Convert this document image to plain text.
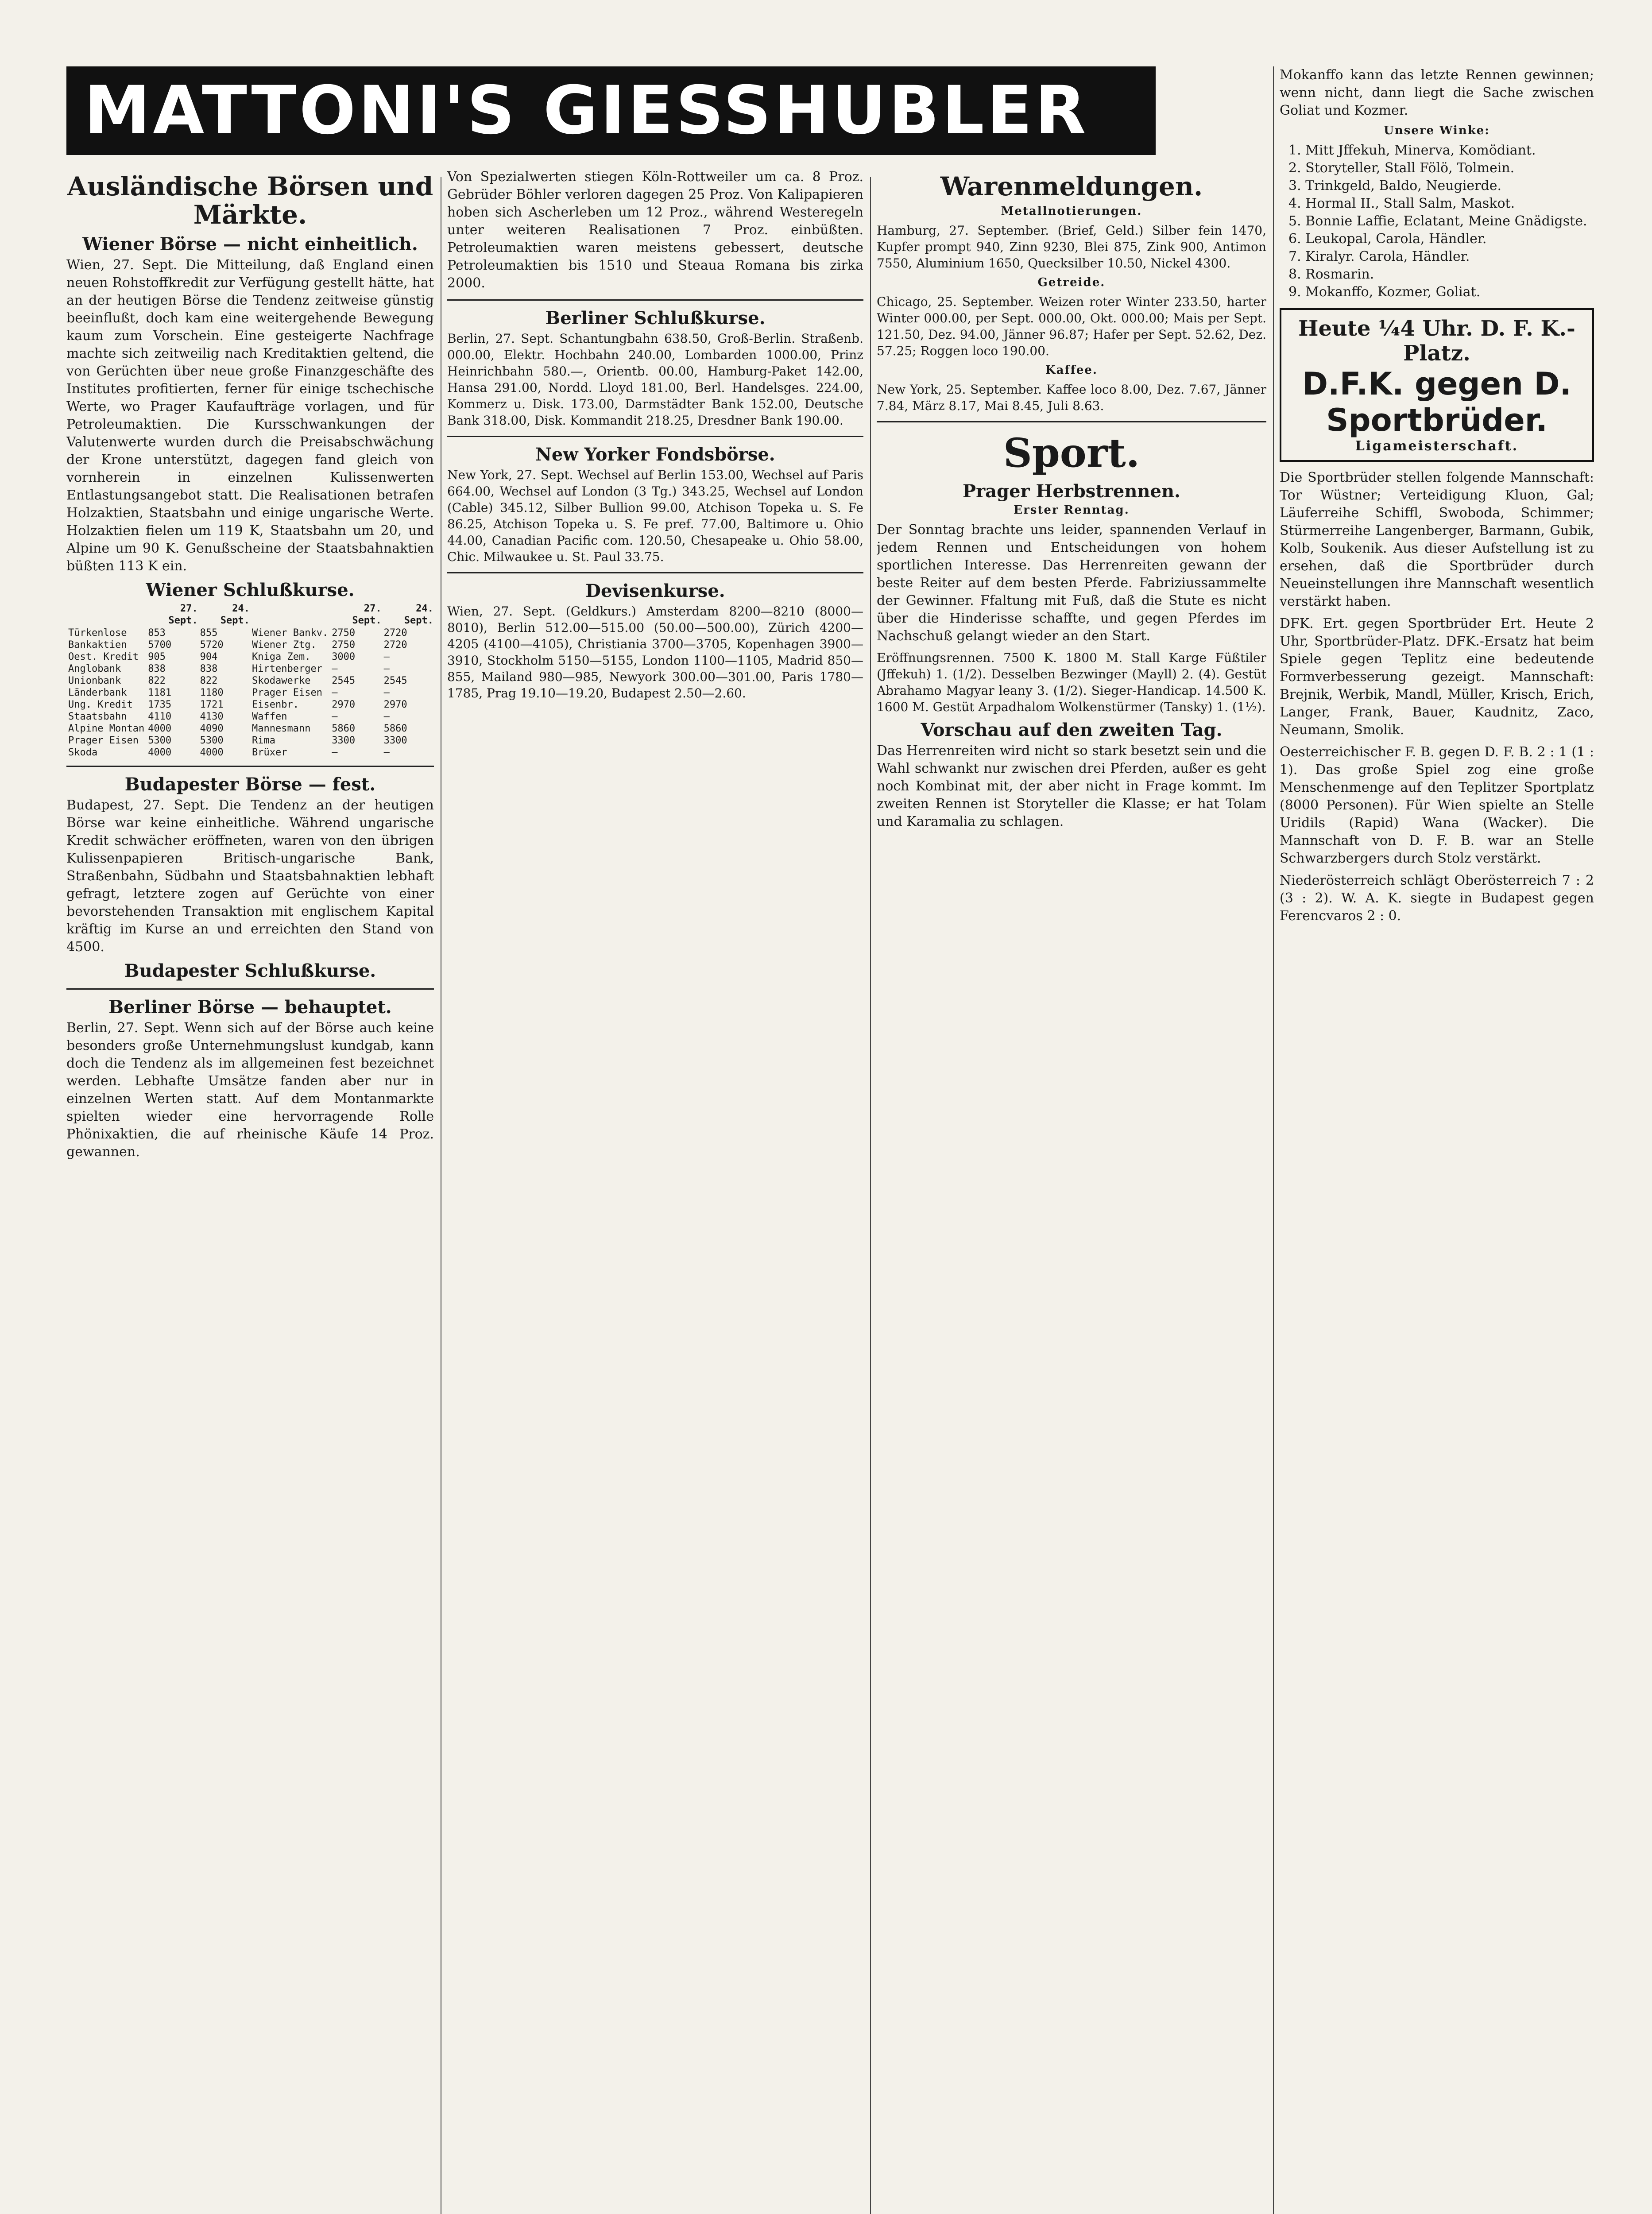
MATTONI'S GIESSHUBLER
Ausländische Börsen und Märkte.
Wiener Börse — nicht einheitlich.

Wien, 27. Sept. Die Mitteilung, daß England einen neuen Rohstoffkredit zur Verfügung gestellt hätte, hat an der heutigen Börse die Tendenz zeitweise günstig beeinflußt, doch kam eine weitergehende Bewegung kaum zum Vorschein. Eine gesteigerte Nachfrage machte sich zeitweilig nach Kreditaktien geltend, die von Gerüchten über neue große Finanzgeschäfte des Institutes profitierten, ferner für einige tschechische Werte, wo Prager Kaufaufträge vorlagen, und für Petroleumaktien. Die Kursschwankungen der Valutenwerte wurden durch die Preisabschwächung der Krone unterstützt, dagegen fand gleich von vornherein in einzelnen Kulissenwerten Entlastungsangebot statt. Die Realisationen betrafen Holzaktien, Staatsbahn und einige ungarische Werte. Holzaktien fielen um 119 K, Staatsbahn um 20, und Alpine um 90 K. Genußscheine der Staatsbahnaktien büßten 113 K ein.

Wiener Schlußkurse.
	27. Sept.	24. Sept.		27. Sept.	24. Sept.
Türkenlose	853	855	Wiener Bankv.	2750	2720
Bankaktien	5700	5720	Wiener Ztg.	2750	2720
Oest. Kredit	905	904	Kniga Zem.	3000	—
Anglobank	838	838	Hirtenberger	—	—
Unionbank	822	822	Skodawerke	2545	2545
Länderbank	1181	1180	Prager Eisen	—	—
Ung. Kredit	1735	1721	Eisenbr.	2970	2970
Staatsbahn	4110	4130	Waffen	—	—
Alpine Montan	4000	4090	Mannesmann	5860	5860
Prager Eisen	5300	5300	Rima	3300	3300
Skoda	4000	4000	Brüxer	—	—
Budapester Börse — fest.

Budapest, 27. Sept. Die Tendenz an der heutigen Börse war keine einheitliche. Während ungarische Kredit schwächer eröffneten, waren von den übrigen Kulissenpapieren Britisch-ungarische Bank, Straßenbahn, Südbahn und Staatsbahnaktien lebhaft gefragt, letztere zogen auf Gerüchte von einer bevorstehenden Transaktion mit englischem Kapital kräftig im Kurse an und erreichten den Stand von 4500.

Budapester Schlußkurse.
Berliner Börse — behauptet.

Berlin, 27. Sept. Wenn sich auf der Börse auch keine besonders große Unternehmungslust kundgab, kann doch die Tendenz als im allgemeinen fest bezeichnet werden. Lebhafte Umsätze fanden aber nur in einzelnen Werten statt. Auf dem Montanmarkte spielten wieder eine hervorragende Rolle Phönixaktien, die auf rheinische Käufe 14 Proz. gewannen.

Von Spezialwerten stiegen Köln-Rottweiler um ca. 8 Proz. Gebrüder Böhler verloren dagegen 25 Proz. Von Kalipapieren hoben sich Ascherleben um 12 Proz., während Westeregeln unter weiteren Realisationen 7 Proz. einbüßten. Petroleumaktien waren meistens gebessert, deutsche Petroleumaktien bis 1510 und Steaua Romana bis zirka 2000.

Berliner Schlußkurse.

Berlin, 27. Sept. Schantungbahn 638.50, Groß-Berlin. Straßenb. 000.00, Elektr. Hochbahn 240.00, Lombarden 1000.00, Prinz Heinrichbahn 580.—, Orientb. 00.00, Hamburg-Paket 142.00, Hansa 291.00, Nordd. Lloyd 181.00, Berl. Handelsges. 224.00, Kommerz u. Disk. 173.00, Darmstädter Bank 152.00, Deutsche Bank 318.00, Disk. Kommandit 218.25, Dresdner Bank 190.00.

New Yorker Fondsbörse.

New York, 27. Sept. Wechsel auf Berlin 153.00, Wechsel auf Paris 664.00, Wechsel auf London (3 Tg.) 343.25, Wechsel auf London (Cable) 345.12, Silber Bullion 99.00, Atchison Topeka u. S. Fe 86.25, Atchison Topeka u. S. Fe pref. 77.00, Baltimore u. Ohio 44.00, Canadian Pacific com. 120.50, Chesapeake u. Ohio 58.00, Chic. Milwaukee u. St. Paul 33.75.

Devisenkurse.

Wien, 27. Sept. (Geldkurs.) Amsterdam 8200—8210 (8000—8010), Berlin 512.00—515.00 (50.00—500.00), Zürich 4200—4205 (4100—4105), Christiania 3700—3705, Kopenhagen 3900—3910, Stockholm 5150—5155, London 1100—1105, Madrid 850—855, Mailand 980—985, Newyork 300.00—301.00, Paris 1780—1785, Prag 19.10—19.20, Budapest 2.50—2.60.

Warenmeldungen.
Metallnotierungen.

Hamburg, 27. September. (Brief, Geld.) Silber fein 1470, Kupfer prompt 940, Zinn 9230, Blei 875, Zink 900, Antimon 7550, Aluminium 1650, Quecksilber 10.50, Nickel 4300.

Getreide.

Chicago, 25. September. Weizen roter Winter 233.50, harter Winter 000.00, per Sept. 000.00, Okt. 000.00; Mais per Sept. 121.50, Dez. 94.00, Jänner 96.87; Hafer per Sept. 52.62, Dez. 57.25; Roggen loco 190.00.

Kaffee.

New York, 25. September. Kaffee loco 8.00, Dez. 7.67, Jänner 7.84, März 8.17, Mai 8.45, Juli 8.63.

Sport.
Prager Herbstrennen.
Erster Renntag.

Der Sonntag brachte uns leider, spannenden Verlauf in jedem Rennen und Entscheidungen von hohem sportlichen Interesse. Das Herrenreiten gewann der beste Reiter auf dem besten Pferde. Fabriziussammelte der Gewinner. Ffaltung mit Fuß, daß die Stute es nicht über die Hinderisse schaffte, und gegen Pferdes im Nachschuß gelangt wieder an den Start.

Eröffnungsrennen. 7500 K. 1800 M. Stall Karge Füßtiler (Jffekuh) 1. (1/2). Desselben Bezwinger (Mayll) 2. (4). Gestüt Abrahamo Magyar leany 3. (1/2). Sieger-Handicap. 14.500 K. 1600 M. Gestüt Arpadhalom Wolkenstürmer (Tansky) 1. (1½).

Vorschau auf den zweiten Tag.

Das Herrenreiten wird nicht so stark besetzt sein und die Wahl schwankt nur zwischen drei Pferden, außer es geht noch Kombinat mit, der aber nicht in Frage kommt. Im zweiten Rennen ist Storyteller die Klasse; er hat Tolam und Karamalia zu schlagen.

Mokanffo kann das letzte Rennen gewinnen; wenn nicht, dann liegt die Sache zwischen Goliat und Kozmer.

Unsere Winke:
1. Mitt Jffekuh, Minerva, Komödiant.
2. Storyteller, Stall Fölö, Tolmein.
3. Trinkgeld, Baldo, Neugierde.
4. Hormal II., Stall Salm, Maskot.
5. Bonnie Laffie, Eclatant, Meine Gnädigste.
6. Leukopal, Carola, Händler.
7. Kiralyr. Carola, Händler.
8. Rosmarin.
9. Mokanffo, Kozmer, Goliat.
Heute ¼4 Uhr. D. F. K.-Platz.
D.F.K. gegen D. Sportbrüder.
Ligameisterschaft.

Die Sportbrüder stellen folgende Mannschaft: Tor Wüstner; Verteidigung Kluon, Gal; Läuferreihe Schiffl, Swoboda, Schimmer; Stürmerreihe Langenberger, Barmann, Gubik, Kolb, Soukenik. Aus dieser Aufstellung ist zu ersehen, daß die Sportbrüder durch Neueinstellungen ihre Mannschaft wesentlich verstärkt haben.

DFK. Ert. gegen Sportbrüder Ert. Heute 2 Uhr, Sportbrüder-Platz. DFK.-Ersatz hat beim Spiele gegen Teplitz eine bedeutende Formverbesserung gezeigt. Mannschaft: Brejnik, Werbik, Mandl, Müller, Krisch, Erich, Langer, Frank, Bauer, Kaudnitz, Zaco, Neumann, Smolik.

Oesterreichischer F. B. gegen D. F. B. 2 : 1 (1 : 1). Das große Spiel zog eine große Menschenmenge auf den Teplitzer Sportplatz (8000 Personen). Für Wien spielte an Stelle Uridils (Rapid) Wana (Wacker). Die Mannschaft von D. F. B. war an Stelle Schwarzbergers durch Stolz verstärkt.

Niederösterreich schlägt Oberösterreich 7 : 2 (3 : 2). W. A. K. siegte in Budapest gegen Ferencvaros 2 : 0.
